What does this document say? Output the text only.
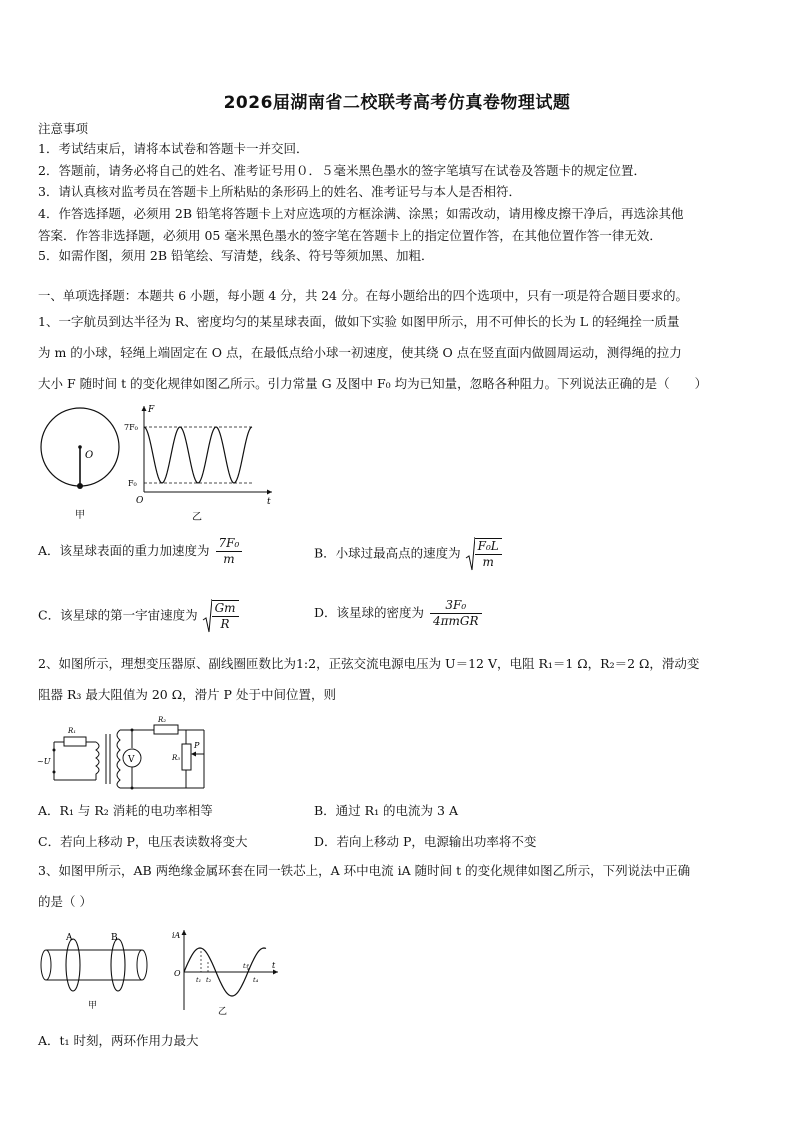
2026届湖南省二校联考高考仿真卷物理试题
注意事项
1．考试结束后，请将本试卷和答题卡一并交回．
2．答题前，请务必将自己的姓名、准考证号用０．５毫米黑色墨水的签字笔填写在试卷及答题卡的规定位置．
3．请认真核对监考员在答题卡上所粘贴的条形码上的姓名、准考证号与本人是否相符．
4．作答选择题，必须用 2B 铅笔将答题卡上对应选项的方框涂满、涂黑；如需改动，请用橡皮擦干净后，再选涂其他
答案．作答非选择题，必须用 05 毫米黑色墨水的签字笔在答题卡上的指定位置作答，在其他位置作答一律无效．
5．如需作图，须用 2B 铅笔绘、写清楚，线条、符号等须加黑、加粗．
一、单项选择题：本题共 6 小题，每小题 4 分，共 24 分。在每小题给出的四个选项中，只有一项是符合题目要求的。
1、一字航员到达半径为 R、密度均匀的某星球表面，做如下实验 如图甲所示，用不可伸长的长为 L 的轻绳拴一质量
为 m 的小球，轻绳上端固定在 O 点，在最低点给小球一初速度，使其绕 O 点在竖直面内做圆周运动，测得绳的拉力
大小 F 随时间 t 的变化规律如图乙所示。引力常量 G 及图中 F₀ 均为已知量，忽略各种阻力。下列说法正确的是（　　）
O
甲
F
t
O
7F₀
F₀
乙
A．该星球表面的重力加速度为 $\frac{\text{7F₀}}{m}$	B．小球过最高点的速度为 $\frac{\text{F₀L}}{m}$
C．该星球的第一宇宙速度为 $\frac{Gm}{R}$	D．该星球的密度为 $\frac{\text{3F₀}}{\text{4πmGR}}$
2、如图所示，理想变压器原、副线圈匝数比为1:2，正弦交流电源电压为 U＝12 V，电阻 R₁＝1 Ω，R₂＝2 Ω，滑动变
阻器 R₃ 最大阻值为 20 Ω，滑片 P 处于中间位置，则
~U
R₁
R₂
V	R₃
P
A．R₁ 与 R₂ 消耗的电功率相等	B．通过 R₁ 的电流为 3 A
C．若向上移动 P，电压表读数将变大	D．若向上移动 P，电源输出功率将不变
3、如图甲所示，AB 两绝缘金属环套在同一铁芯上，A 环中电流 iA 随时间 t 的变化规律如图乙所示，下列说法中正确
的是（ ）
A	B
甲
iA
t
O
t₁ t₂
t₃
t₄
乙
A．t₁ 时刻，两环作用力最大
